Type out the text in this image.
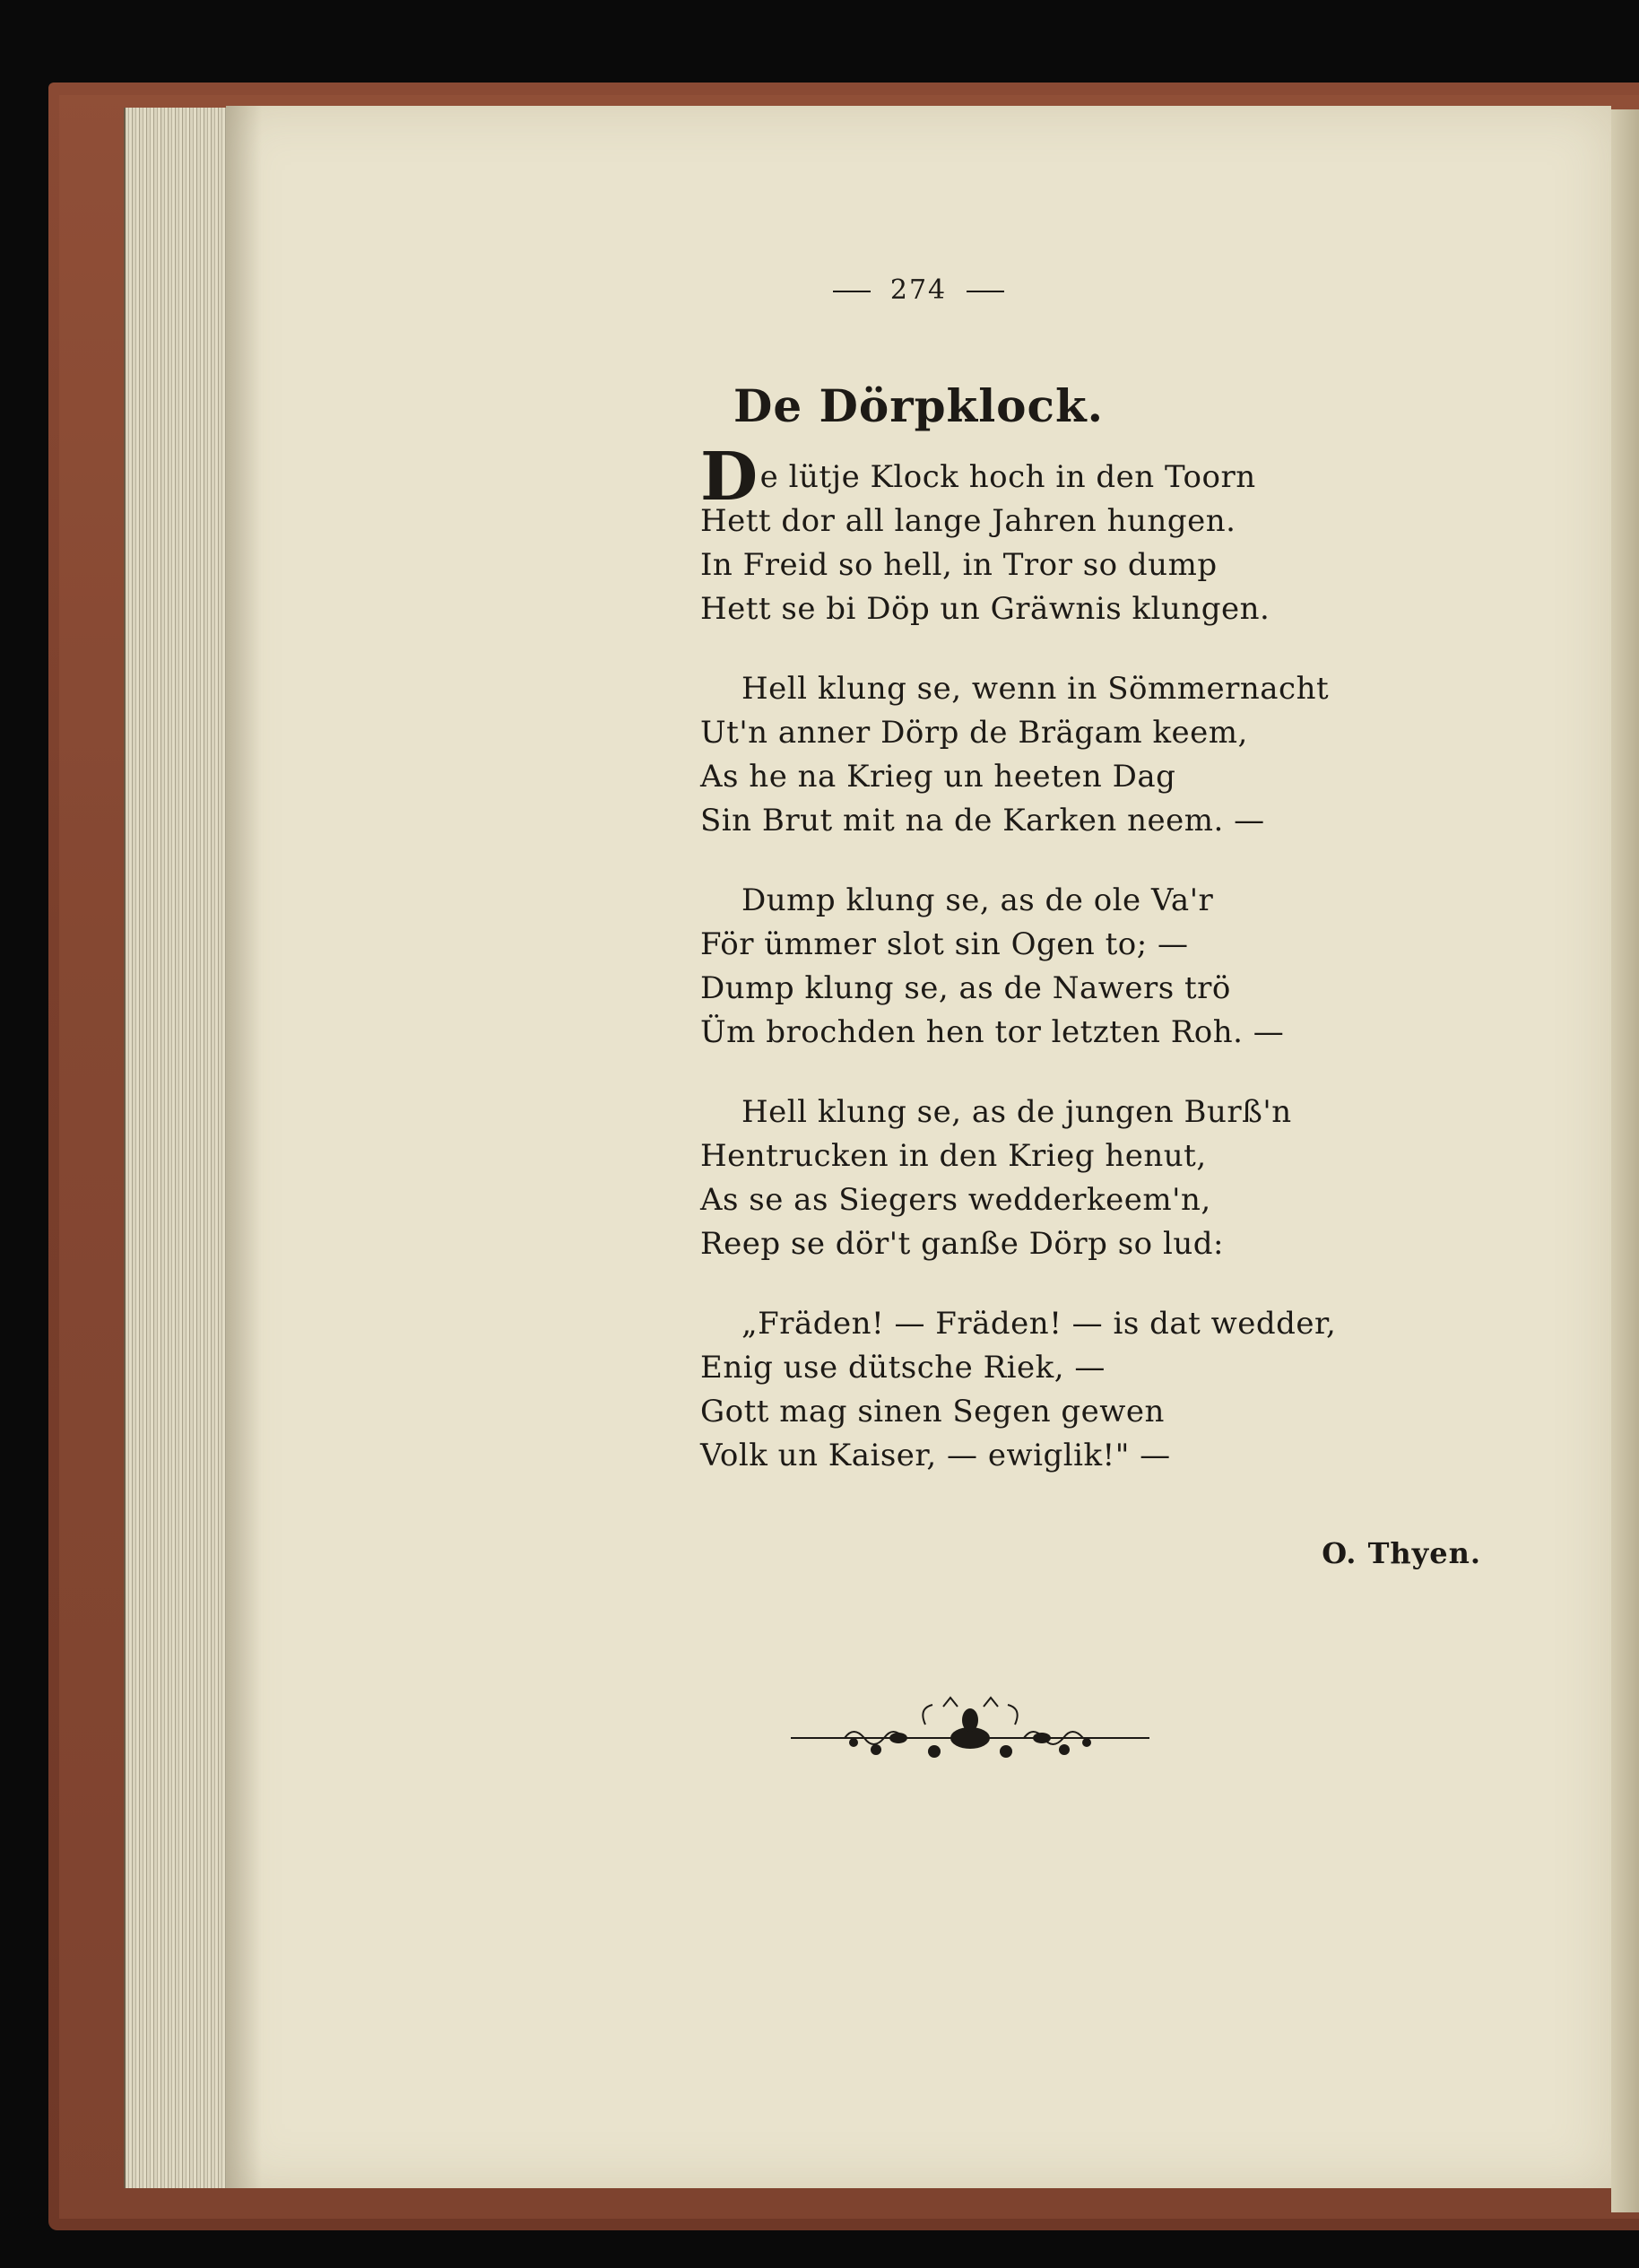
274
De Dörpklock.
De lütje Klock hoch in den Toorn
Hett dor all lange Jahren hungen.
In Freid so hell, in Tror so dump
Hett se bi Döp un Gräwnis klungen.
Hell klung se, wenn in Sömmernacht
Ut'n anner Dörp de Brägam keem,
As he na Krieg un heeten Dag
Sin Brut mit na de Karken neem. —
Dump klung se, as de ole Va'r
För ümmer slot sin Ogen to; —
Dump klung se, as de Nawers trö
Üm brochden hen tor letzten Roh. —
Hell klung se, as de jungen Burß'n
Hentrucken in den Krieg henut,
As se as Siegers wedderkeem'n,
Reep se dör't ganße Dörp so lud:
„Fräden! — Fräden! — is dat wedder,
Enig use dütsche Riek, —
Gott mag sinen Segen gewen
Volk un Kaiser, — ewiglik!" —
O. Thyen.
